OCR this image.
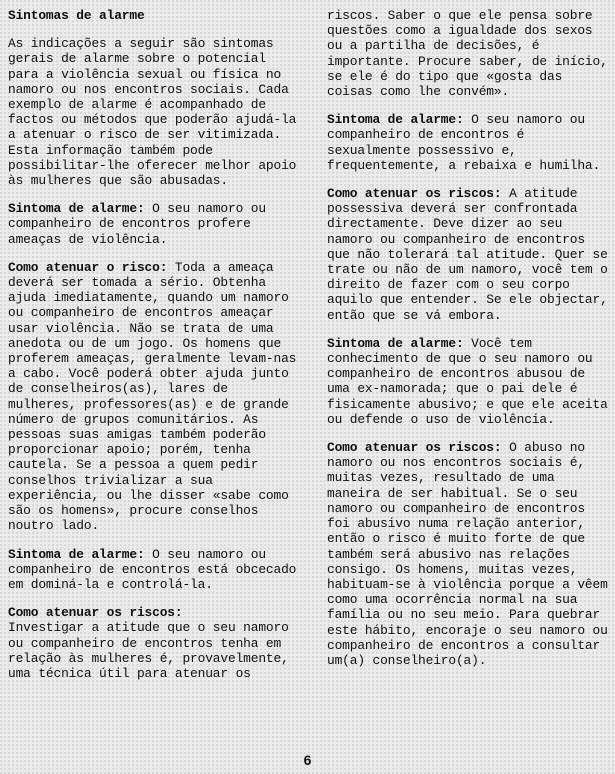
Sintomas de alarme
As indicações a seguir são sintomas gerais de alarme sobre o potencial para a violência sexual ou física no namoro ou nos encontros sociais. Cada exemplo de alarme é acompanhado de factos ou métodos que poderão ajudá-la a atenuar o risco de ser vitimizada. Esta informação também pode possibilitar-lhe oferecer melhor apoio às mulheres que são abusadas.
Sintoma de alarme: O seu namoro ou companheiro de encontros profere ameaças de violência.
Como atenuar o risco: Toda a ameaça deverá ser tomada a sério. Obtenha ajuda imediatamente, quando um namoro ou companheiro de encontros ameaçar usar violência. Não se trata de uma anedota ou de um jogo. Os homens que proferem ameaças, geralmente levam-nas a cabo. Você poderá obter ajuda junto de conselheiros(as), lares de mulheres, professores(as) e de grande número de grupos comunitários. As pessoas suas amigas também poderão proporcionar apoio; porém, tenha cautela. Se a pessoa a quem pedir conselhos trivializar a sua experiência, ou lhe disser «sabe como são os homens», procure conselhos noutro lado.
Sintoma de alarme: O seu namoro ou companheiro de encontros está obcecado em dominá-la e controlá-la.
Como atenuar os riscos:
Investigar a atitude que o seu namoro ou companheiro de encontros tenha em relação às mulheres é, provavelmente, uma técnica útil para atenuar os
riscos. Saber o que ele pensa sobre questões como a igualdade dos sexos ou a partilha de decisões, é importante. Procure saber, de início, se ele é do tipo que «gosta das coisas como lhe convém».
Sintoma de alarme: O seu namoro ou companheiro de encontros é sexualmente possessivo e, frequentemente, a rebaixa e humilha.
Como atenuar os riscos: A atitude possessiva deverá ser confrontada directamente. Deve dizer ao seu namoro ou companheiro de encontros que não tolerará tal atitude. Quer se trate ou não de um namoro, você tem o direito de fazer com o seu corpo aquilo que entender. Se ele objectar, então que se vá embora.
Sintoma de alarme: Você tem conhecimento de que o seu namoro ou companheiro de encontros abusou de uma ex-namorada; que o pai dele é fisicamente abusivo; e que ele aceita ou defende o uso de violência.
Como atenuar os riscos: O abuso no namoro ou nos encontros sociais é, muitas vezes, resultado de uma maneira de ser habitual. Se o seu namoro ou companheiro de encontros foi abusivo numa relação anterior, então o risco é muito forte de que também será abusivo nas relações consigo. Os homens, muitas vezes, habituam-se à violência porque a vêem como uma ocorrência normal na sua família ou no seu meio. Para quebrar este hábito, encoraje o seu namoro ou companheiro de encontros a consultar um(a) conselheiro(a).
6
